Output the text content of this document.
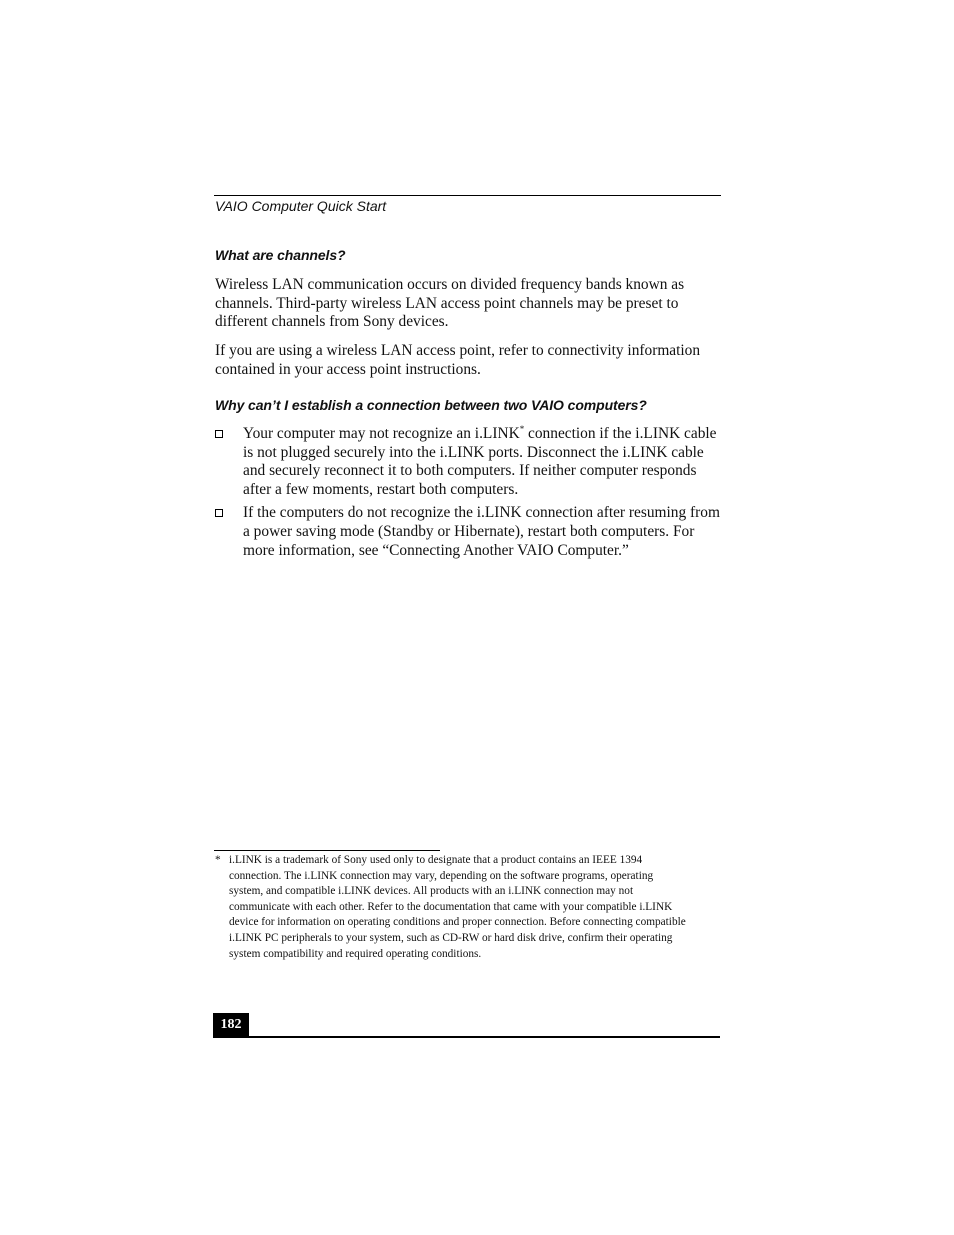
VAIO Computer Quick Start
What are channels?

Wireless LAN communication occurs on divided frequency bands known as channels. Third-party wireless LAN access point channels may be preset to different channels from Sony devices.

If you are using a wireless LAN access point, refer to connectivity information contained in your access point instructions.

Why can’t I establish a connection between two VAIO computers?
Your computer may not recognize an i.LINK* connection if the i.LINK cable is not plugged securely into the i.LINK ports. Disconnect the i.LINK cable and securely reconnect it to both computers. If neither computer responds after a few moments, restart both computers.
If the computers do not recognize the i.LINK connection after resuming from a power saving mode (Standby or Hibernate), restart both computers. For more information, see “Connecting Another VAIO Computer.”
* i.LINK is a trademark of Sony used only to designate that a product contains an IEEE 1394 connection. The i.LINK connection may vary, depending on the software programs, operating system, and compatible i.LINK devices. All products with an i.LINK connection may not communicate with each other. Refer to the documentation that came with your compatible i.LINK device for information on operating conditions and proper connection. Before connecting compatible i.LINK PC peripherals to your system, such as CD-RW or hard disk drive, confirm their operating system compatibility and required operating conditions.
182
